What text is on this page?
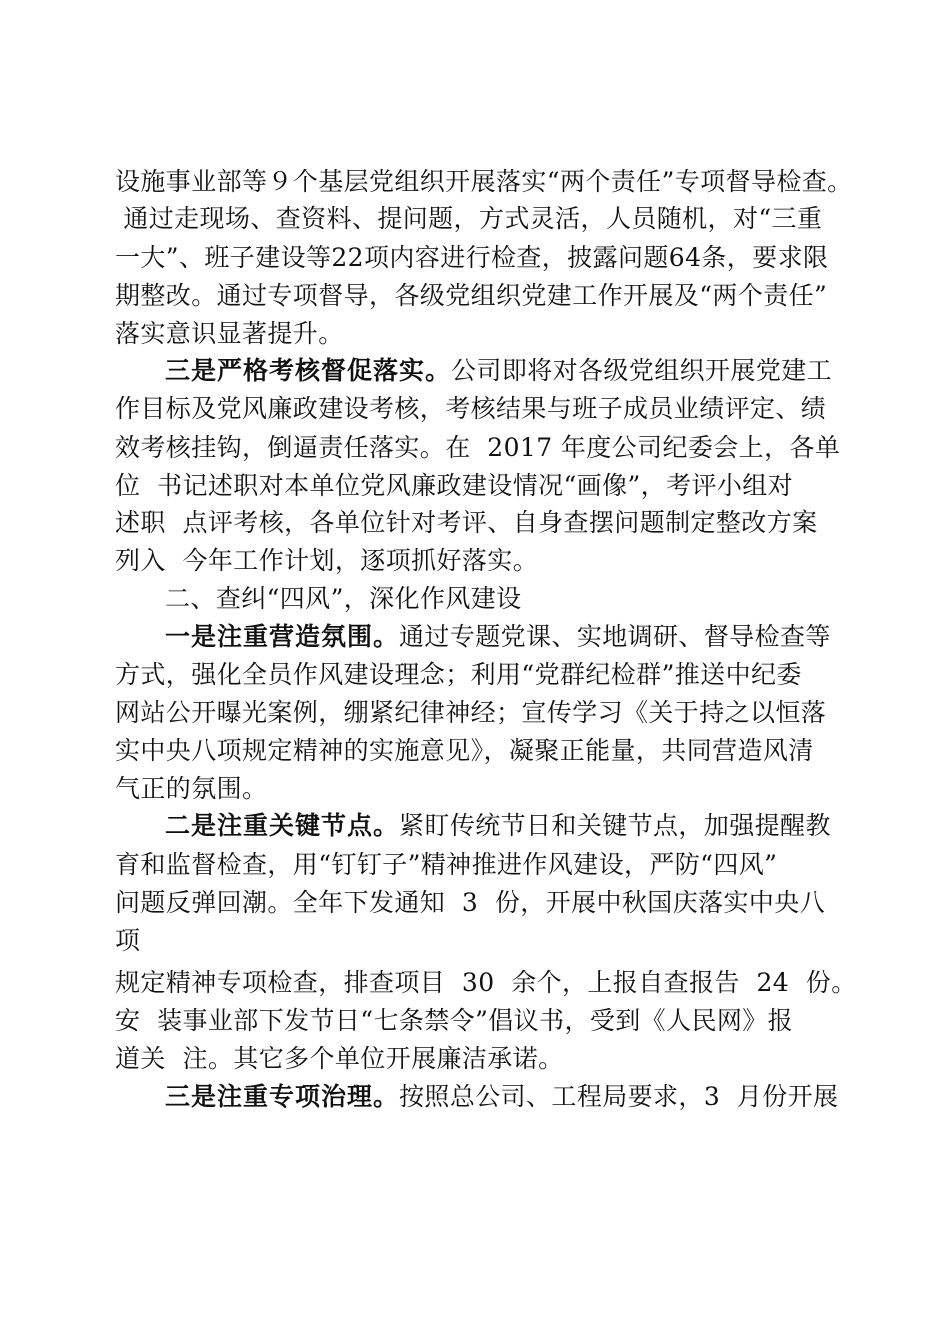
设施事业部等９个基层党组织开展落实“两个责任”专项督导检查。
通过走现场、查资料、提问题，方式灵活，人员随机，对“三重
一大”、班子建设等22项内容进行检查，披露问题64条，要求限
期整改。通过专项督导，各级党组织党建工作开展及“两个责任”
落实意识显著提升。
三是严格考核督促落实。公司即将对各级党组织开展党建工
作目标及党风廉政建设考核，考核结果与班子成员业绩评定、绩
效考核挂钩，倒逼责任落实。在  2017 年度公司纪委会上，各单
位  书记述职对本单位党风廉政建设情况“画像”，考评小组对
述职  点评考核，各单位针对考评、自身查摆问题制定整改方案
列入  今年工作计划，逐项抓好落实。
二、查纠“四风”，深化作风建设
一是注重营造氛围。通过专题党课、实地调研、督导检查等
方式，强化全员作风建设理念；利用“党群纪检群”推送中纪委
网站公开曝光案例，绷紧纪律神经；宣传学习《关于持之以恒落
实中央八项规定精神的实施意见》，凝聚正能量，共同营造风清
气正的氛围。
二是注重关键节点。紧盯传统节日和关键节点，加强提醒教
育和监督检查，用“钉钉子”精神推进作风建设，严防“四风”
问题反弹回潮。全年下发通知  3  份，开展中秋国庆落实中央八
项
规定精神专项检查，排查项目  30  余个，上报自查报告  24  份。
安  装事业部下发节日“七条禁令”倡议书，受到《人民网》报
道关  注。其它多个单位开展廉洁承诺。
三是注重专项治理。按照总公司、工程局要求，3  月份开展
